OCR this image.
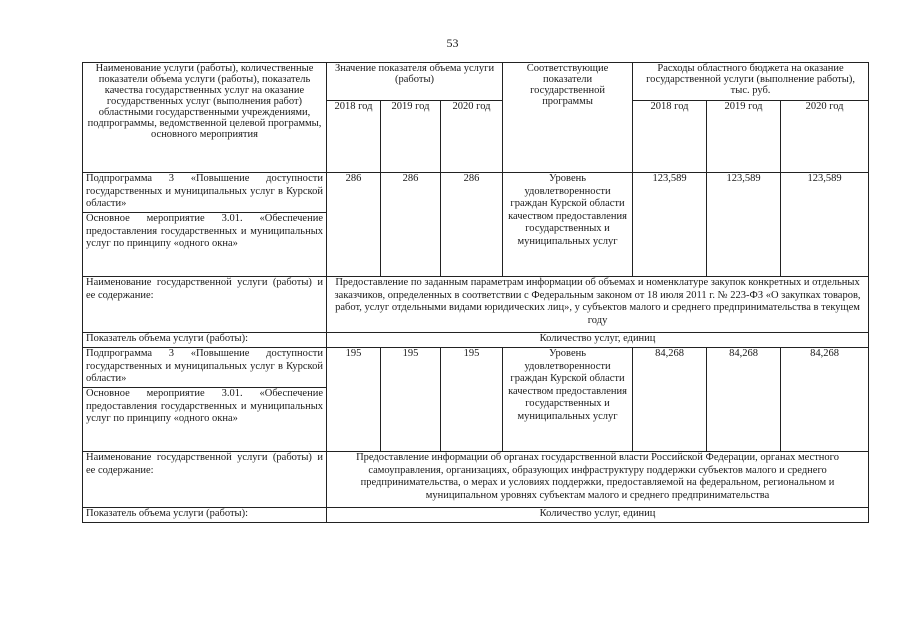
53
Наименование услуги (работы), количественные показатели объема услуги (работы), показатель качества государственных услуг на оказание государственных услуг (выполнения работ) областными государственными учреждениями, подпрограммы, ведомственной целевой программы, основного мероприятия	Значение показателя объема услуги (работы)			Соответствующие показатели государственной программы	Расходы областного бюджета на оказание государственной услуги (выполнение работы), тыс. руб.		
	2018 год	2019 год	2020 год		2018 год	2019 год	2020 год
Подпрограмма 3 «Повышение доступности государственных и муниципальных услуг в Курской области»	286	286	286	Уровень удовлетворенности граждан Курской области качеством предоставления государственных и муниципальных услуг	123,589	123,589	123,589
Основное мероприятие 3.01. «Обеспечение предоставления государственных и муниципальных услуг по принципу «одного окна»							
Наименование государственной услуги (работы) и ее содержание:	Предоставление по заданным параметрам информации об объемах и номенклатуре закупок конкретных и отдельных заказчиков, определенных в соответствии с Федеральным законом от 18 июля 2011 г. № 223-ФЗ «О закупках товаров, работ, услуг отдельными видами юридических лиц», у субъектов малого и среднего предпринимательства в текущем году						
Показатель объема услуги (работы):	Количество услуг, единиц						
Подпрограмма 3 «Повышение доступности государственных и муниципальных услуг в Курской области»	195	195	195	Уровень удовлетворенности граждан Курской области качеством предоставления государственных и муниципальных услуг	84,268	84,268	84,268
Основное мероприятие 3.01. «Обеспечение предоставления государственных и муниципальных услуг по принципу «одного окна»							
Наименование государственной услуги (работы) и ее содержание:	Предоставление информации об органах государственной власти Российской Федерации, органах местного самоуправления, организациях, образующих инфраструктуру поддержки субъектов малого и среднего предпринимательства, о мерах и условиях поддержки, предоставляемой на федеральном, региональном и муниципальном уровнях субъектам малого и среднего предпринимательства						
Показатель объема услуги (работы):	Количество услуг, единиц						
